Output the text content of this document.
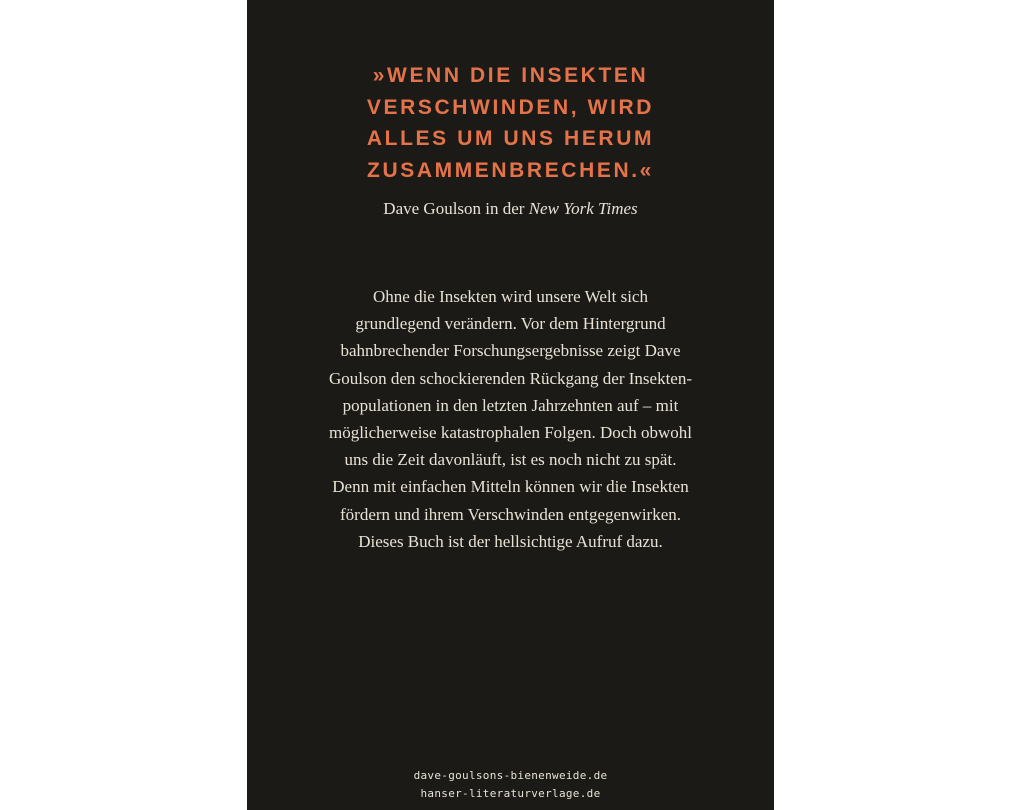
»WENN DIE INSEKTEN
VERSCHWINDEN, WIRD
ALLES UM UNS HERUM
ZUSAMMENBRECHEN.«
Dave Goulson in der New York Times
Ohne die Insekten wird unsere Welt sich
grundlegend verändern. Vor dem Hintergrund
bahnbrechender Forschungsergebnisse zeigt Dave
Goulson den schockierenden Rückgang der Insekten-
populationen in den letzten Jahrzehnten auf – mit
möglicherweise katastrophalen Folgen. Doch obwohl
uns die Zeit davonläuft, ist es noch nicht zu spät.
Denn mit einfachen Mitteln können wir die Insekten
fördern und ihrem Verschwinden entgegenwirken.
Dieses Buch ist der hellsichtige Aufruf dazu.
dave-goulsons-bienenweide.de
hanser-literaturverlage.de
